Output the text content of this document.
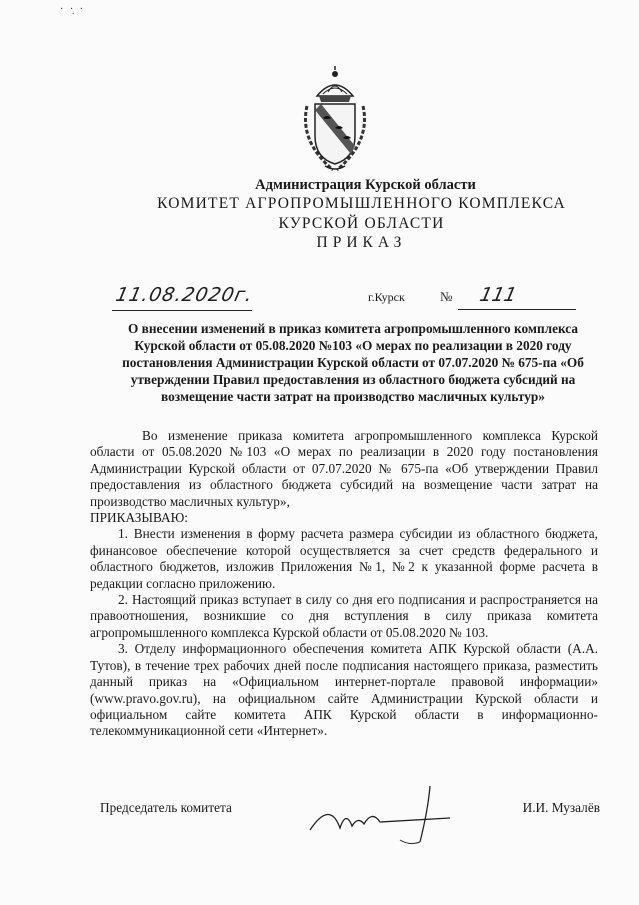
· ·̣ ·
Администрация Курской области
КОМИТЕТ АГРОПРОМЫШЛЕННОГО КОМПЛЕКСА
КУРСКОЙ ОБЛАСТИ
ПРИКАЗ
11.08.2020г.	г.Курск	№ 111
О внесении изменений в приказ комитета агропромышленного комплекса Курской области от 05.08.2020 №103 «О мерах по реализации в 2020 году постановления Администрации Курской области от 07.07.2020 № 675-па «Об утверждении Правил предоставления из областного бюджета субсидий на возмещение части затрат на производство масличных культур»

Во изменение приказа комитета агропромышленного комплекса Курской области от 05.08.2020 №103 «О мерах по реализации в 2020 году постановления Администрации Курской области от 07.07.2020 № 675-па «Об утверждении Правил предоставления из областного бюджета субсидий на возмещение части затрат на производство масличных культур»,

ПРИКАЗЫВАЮ:

1. Внести изменения в форму расчета размера субсидии из областного бюджета, финансовое обеспечение которой осуществляется за счет средств федерального и областного бюджетов, изложив Приложения №1, №2 к указанной форме расчета в редакции согласно приложению.

2. Настоящий приказ вступает в силу со дня его подписания и распространяется на правоотношения, возникшие со дня вступления в силу приказа комитета агропромышленного комплекса Курской области от 05.08.2020 № 103.

3. Отделу информационного обеспечения комитета АПК Курской области (А.А. Тутов), в течение трех рабочих дней после подписания настоящего приказа, разместить данный приказ на «Официальном интернет-портале правовой информации» (www.pravo.gov.ru), на официальном сайте Администрации Курской области и официальном сайте комитета АПК Курской области в информационно-телекоммуникационной сети «Интернет».

Председатель комитета	И.И. Музалёв
